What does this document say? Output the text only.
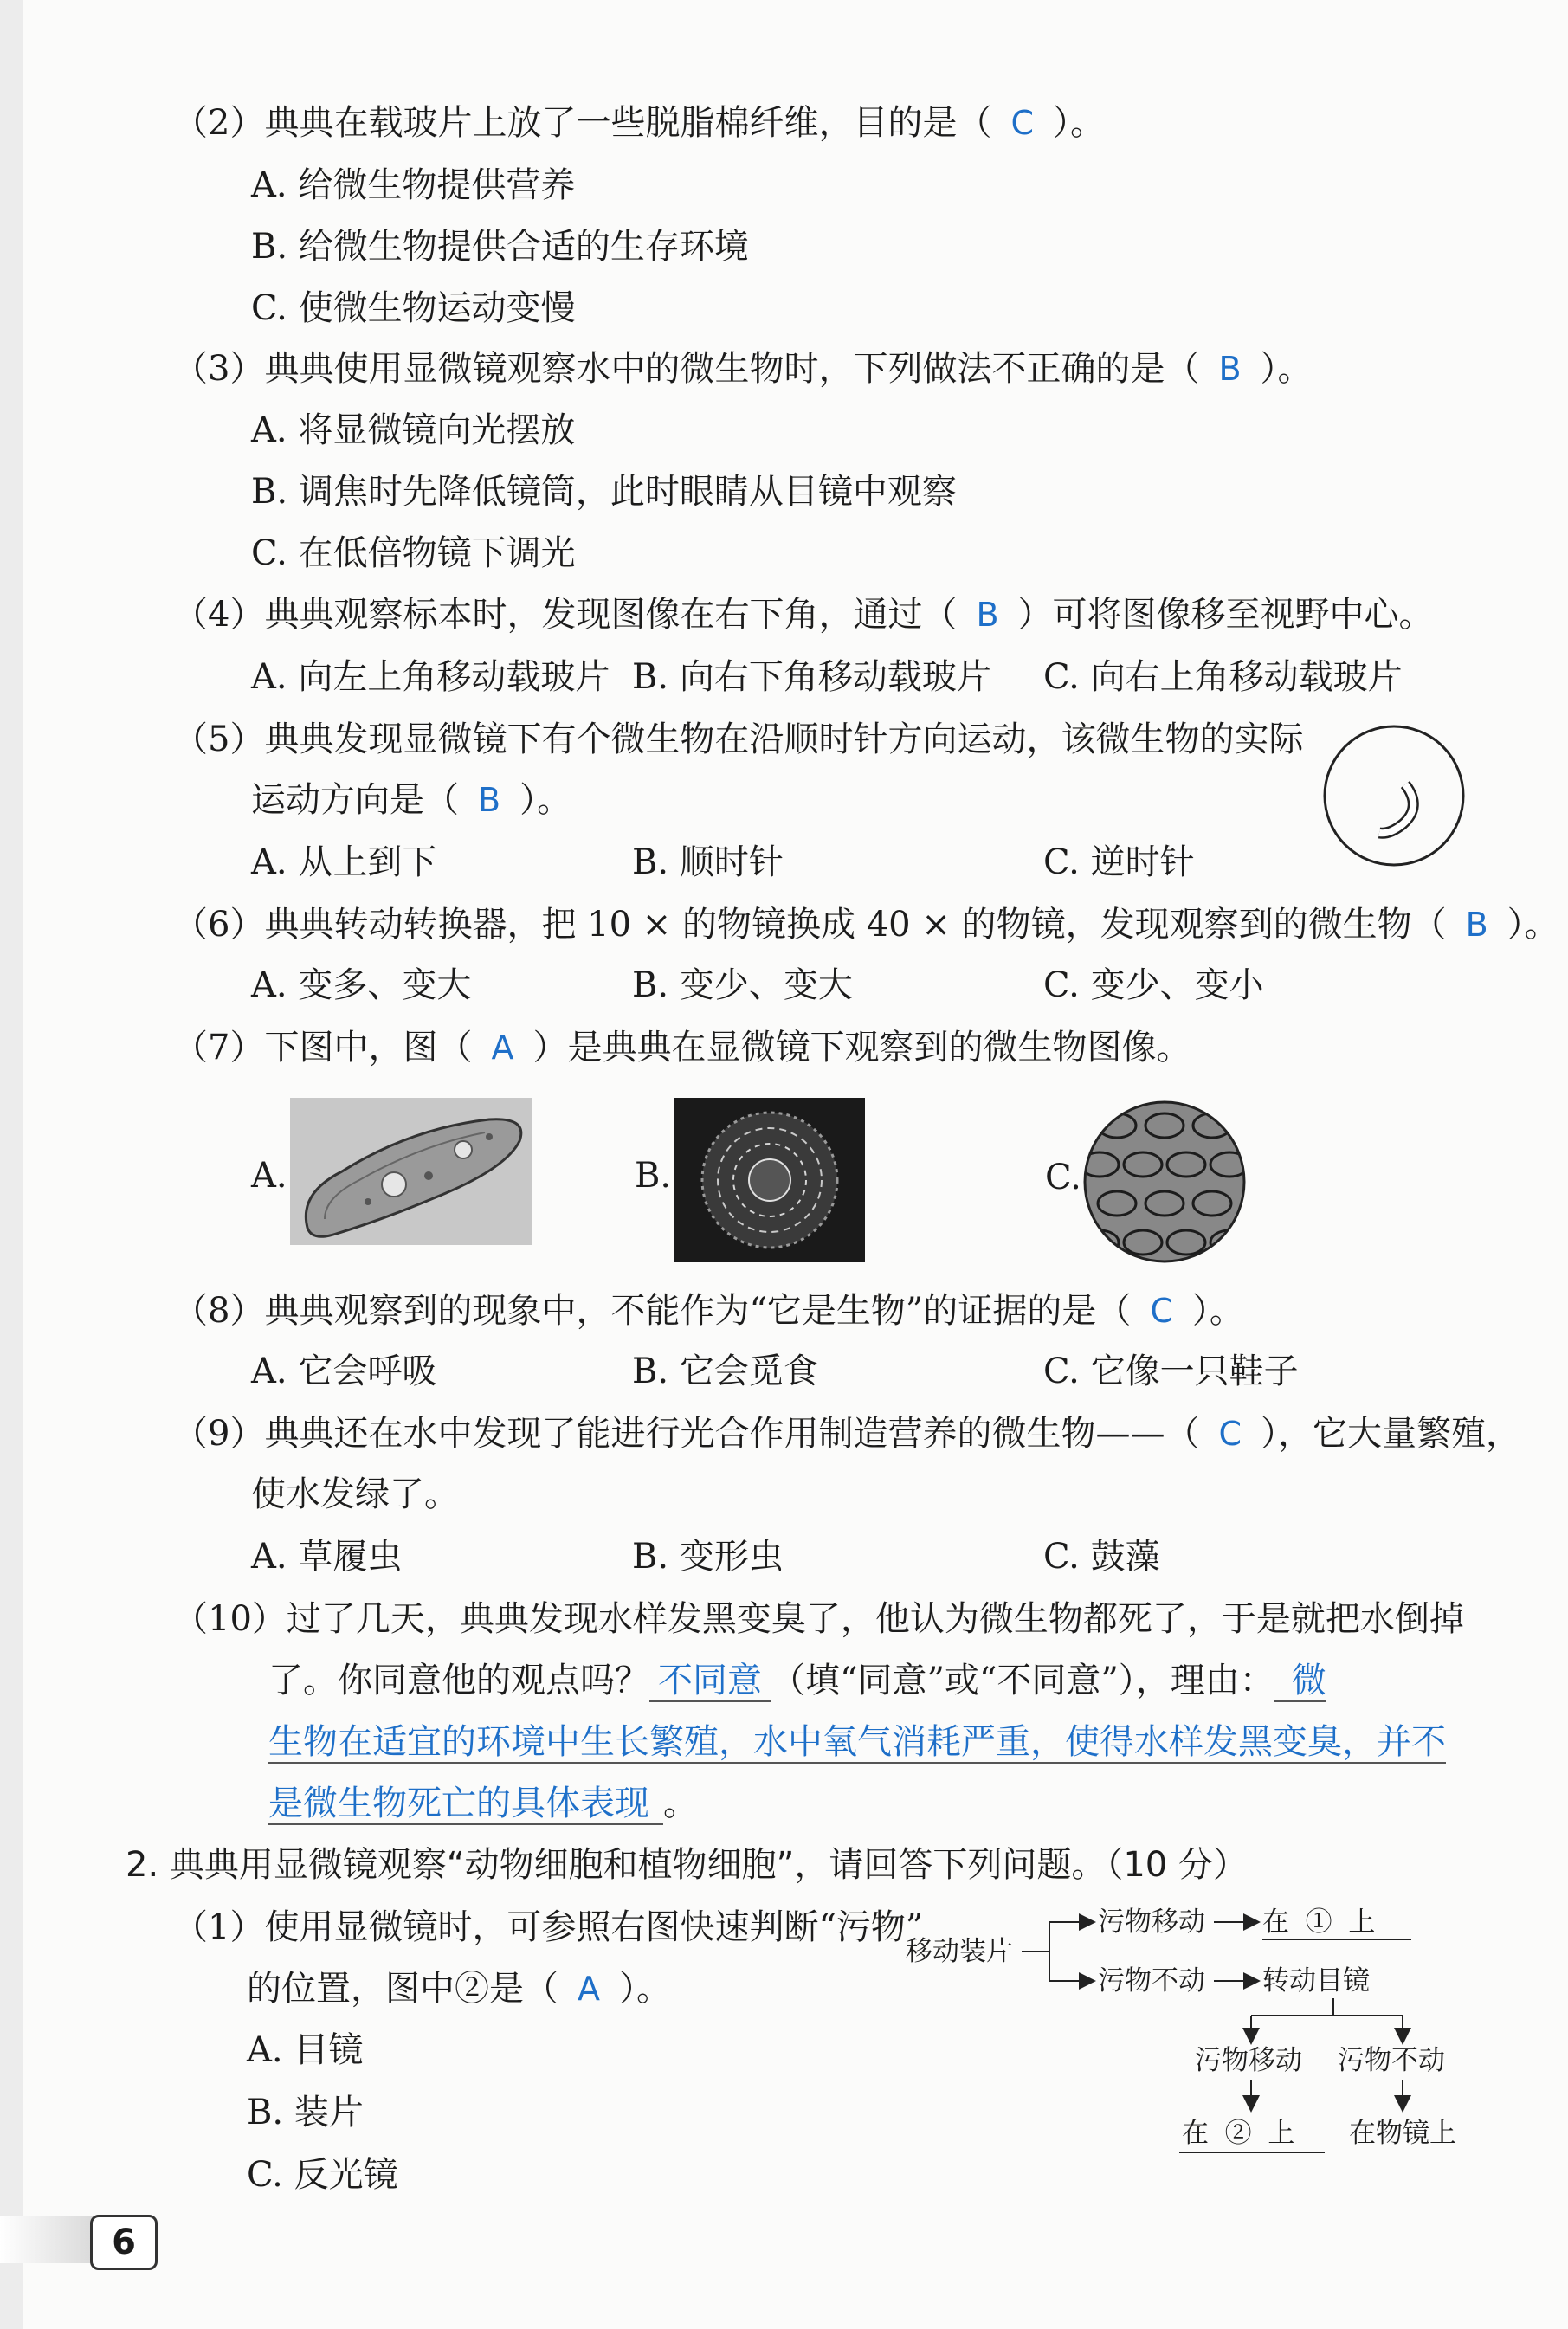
（2）典典在载玻片上放了一些脱脂棉纤维，目的是（ C ）。
A. 给微生物提供营养
B. 给微生物提供合适的生存环境
C. 使微生物运动变慢
（3）典典使用显微镜观察水中的微生物时，下列做法不正确的是（ B ）。
A. 将显微镜向光摆放
B. 调焦时先降低镜筒，此时眼睛从目镜中观察
C. 在低倍物镜下调光
（4）典典观察标本时，发现图像在右下角，通过（ B ）可将图像移至视野中心。
A. 向左上角移动载玻片 B. 向右下角移动载玻片 C. 向右上角移动载玻片
（5）典典发现显微镜下有个微生物在沿顺时针方向运动，该微生物的实际
运动方向是（ B ）。
A. 从上到下	B. 顺时针	C. 逆时针
（6）典典转动转换器，把 10 × 的物镜换成 40 × 的物镜，发现观察到的微生物（ B ）。
A. 变多、变大	B. 变少、变大	C. 变少、变小
（7）下图中，图（ A ）是典典在显微镜下观察到的微生物图像。
A.	B.	C.
（8）典典观察到的现象中，不能作为“它是生物”的证据的是（ C ）。
A. 它会呼吸	B. 它会觅食	C. 它像一只鞋子
（9）典典还在水中发现了能进行光合作用制造营养的微生物——（ C ），它大量繁殖，
使水发绿了。
A. 草履虫	B. 变形虫	C. 鼓藻
（10）过了几天，典典发现水样发黑变臭了，他认为微生物都死了，于是就把水倒掉
了。你同意他的观点吗？ 不同意 （填“同意”或“不同意”），理由： 微
生物在适宜的环境中生长繁殖，水中氧气消耗严重，使得水样发黑变臭，并不
是微生物死亡的具体表现 。
2. 典典用显微镜观察“动物细胞和植物细胞”，请回答下列问题。（10 分）
（1）使用显微镜时，可参照右图快速判断“污物”
的位置，图中②是（ A ）。
A. 目镜
B. 装片
C. 反光镜
移动装片
污物移动 在 ① 上
污物不动 转动目镜
污物移动 污物不动
在 ② 上 在物镜上
6
